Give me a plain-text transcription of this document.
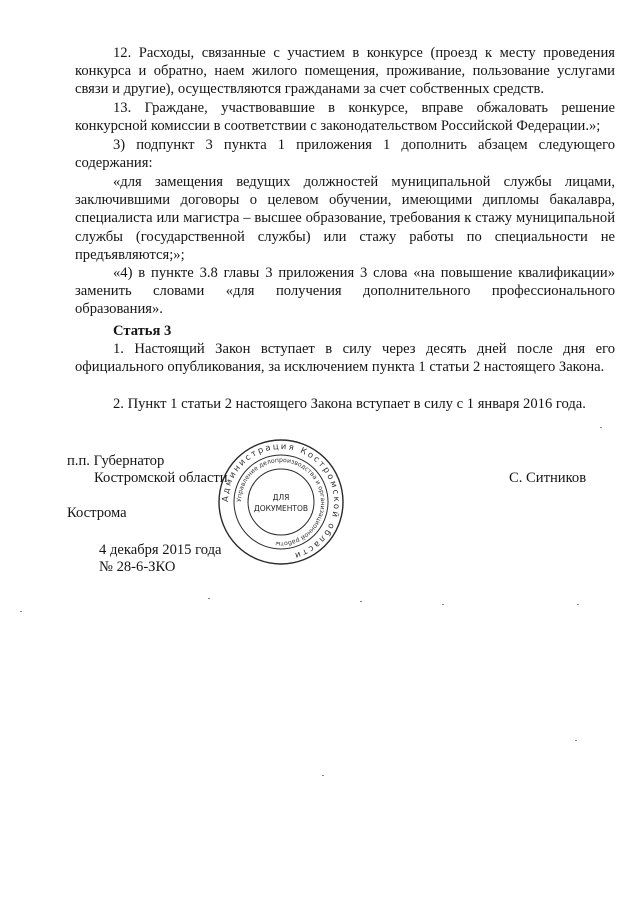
12. Расходы, связанные с участием в конкурсе (проезд к месту проведения конкурса и обратно, наем жилого помещения, проживание, пользование услугами связи и другие), осуществляются гражданами за счет собственных средств.

13. Граждане, участвовавшие в конкурсе, вправе обжаловать решение конкурсной комиссии в соответствии с законодательством Российской Федерации.»;

3) подпункт 3 пункта 1 приложения 1 дополнить абзацем следующего содержания:

«для замещения ведущих должностей муниципальной службы лицами, заключившими договоры о целевом обучении, имеющими дипломы бакалавра, специалиста или магистра – высшее образование, требования к стажу муниципальной службы (государственной службы) или стажу работы по специальности не предъявляются;»;

«4) в пункте 3.8 главы 3 приложения 3 слова «на повышение квалификации» заменить словами «для получения дополнительного профессионального образования».

Статья 3

1. Настоящий Закон вступает в силу через десять дней после дня его официального опубликования, за исключением пункта 1 статьи 2 настоящего Закона.

2. Пункт 1 статьи 2 настоящего Закона вступает в силу с 1 января 2016 года.

п.п. Губернатор

Костромской области	С. Ситников

Кострома

4 декабря 2015 года

№ 28-6-ЗКО

Администрация Костромской области
Управление делопроизводства и организационной работы
ДЛЯ
ДОКУМЕНТОВ
